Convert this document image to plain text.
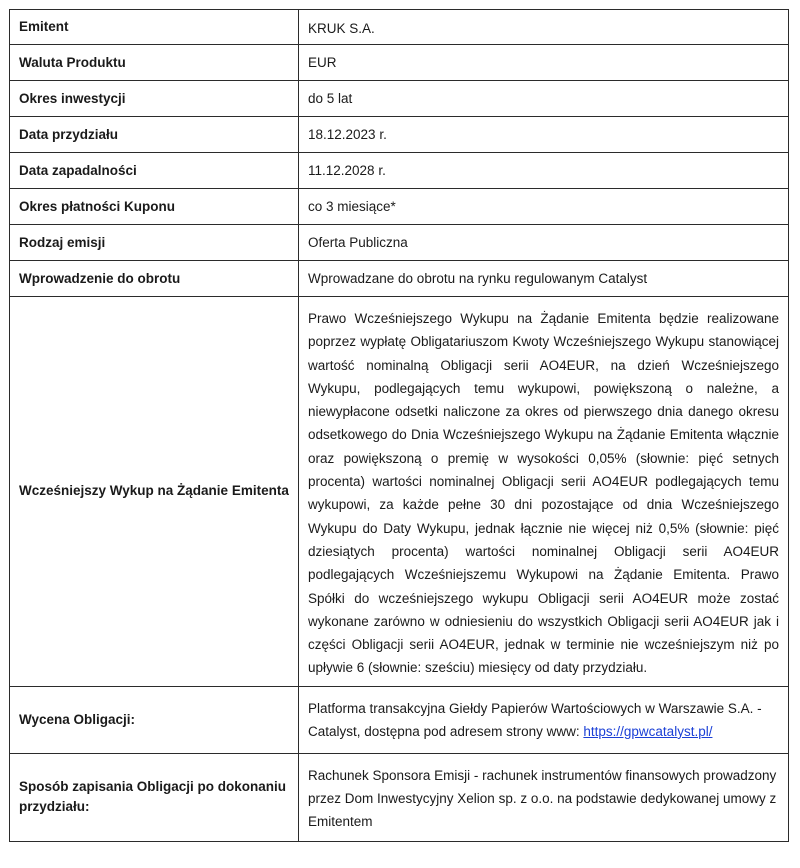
Emitent	KRUK S.A.
Waluta Produktu	EUR
Okres inwestycji	do 5 lat
Data przydziału	18.12.2023 r.
Data zapadalności	11.12.2028 r.
Okres płatności Kuponu	co 3 miesiące*
Rodzaj emisji	Oferta Publiczna
Wprowadzenie do obrotu	Wprowadzane do obrotu na rynku regulowanym Catalyst
Wcześniejszy Wykup na Żądanie Emitenta	Prawo Wcześniejszego Wykupu na Żądanie Emitenta będzie realizowane poprzez wypłatę Obligatariuszom Kwoty Wcześniejszego Wykupu stanowiącej wartość nominalną Obligacji serii AO4EUR, na dzień Wcześniejszego Wykupu, podlegających temu wykupowi, powiększoną o należne, a niewypłacone odsetki naliczone za okres od pierwszego dnia danego okresu odsetkowego do Dnia Wcześniejszego Wykupu na Żądanie Emitenta włącznie oraz powiększoną o premię w wysokości 0,05% (słownie: pięć setnych procenta) wartości nominalnej Obligacji serii AO4EUR podlegających temu wykupowi, za każde pełne 30 dni pozostające od dnia Wcześniejszego Wykupu do Daty Wykupu, jednak łącznie nie więcej niż 0,5% (słownie: pięć dziesiątych procenta) wartości nominalnej Obligacji serii AO4EUR podlegających Wcześniejszemu Wykupowi na Żądanie Emitenta. Prawo Spółki do wcześniejszego wykupu Obligacji serii AO4EUR może zostać wykonane zarówno w odniesieniu do wszystkich Obligacji serii AO4EUR jak i części Obligacji serii AO4EUR, jednak w terminie nie wcześniejszym niż po upływie 6 (słownie: sześciu) miesięcy od daty przydziału.
Wycena Obligacji:	Platforma transakcyjna Giełdy Papierów Wartościowych w Warszawie S.A. - Catalyst, dostępna pod adresem strony www: https://gpwcatalyst.pl/
Sposób zapisania Obligacji po dokonaniu przydziału:	Rachunek Sponsora Emisji - rachunek instrumentów finansowych prowadzony przez Dom Inwestycyjny Xelion sp. z o.o. na podstawie dedykowanej umowy z Emitentem
